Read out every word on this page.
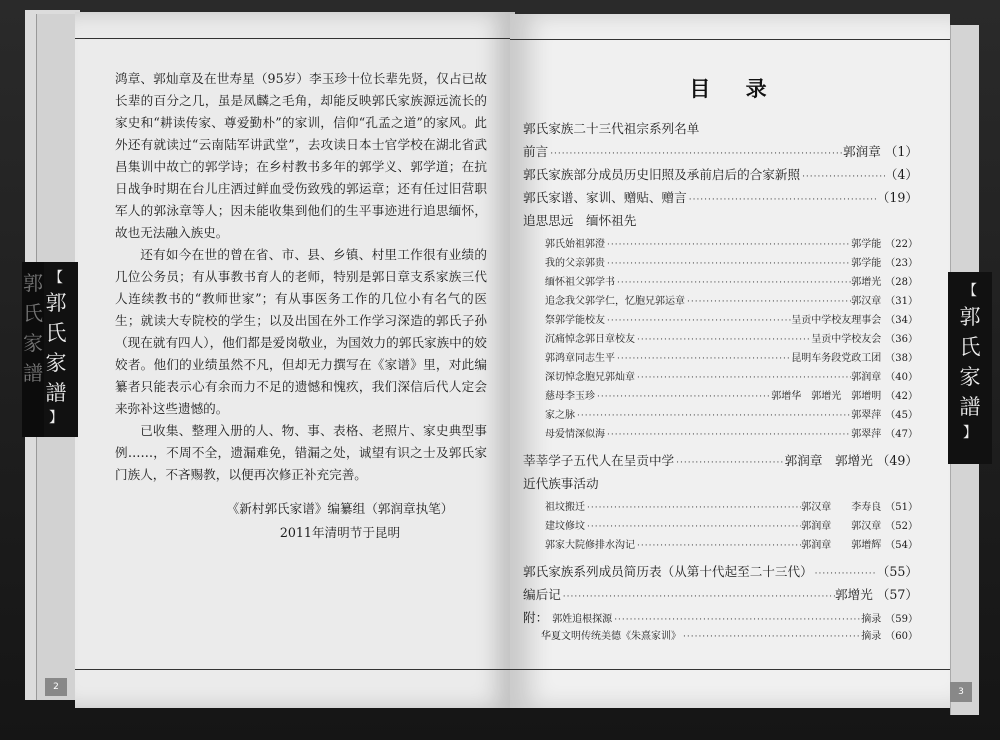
郭
氏
家
譜
【
郭
氏
家
譜
】
2

鸿章、郭灿章及在世寿星（95岁）李玉珍十位长辈先贤，仅占已故长辈的百分之几，虽是凤麟之毛角，却能反映郭氏家族源远流长的家史和“耕读传家、尊爱勤朴”的家训，信仰“孔孟之道”的家风。此外还有就读过“云南陆军讲武堂”，去攻读日本士官学校在湖北省武昌集训中故亡的郭学诗；在乡村教书多年的郭学义、郭学道；在抗日战争时期在台儿庄洒过鲜血受伤致残的郭运章；还有任过旧营职军人的郭泳章等人；因未能收集到他们的生平事迹进行追思缅怀，故也无法融入族史。

还有如今在世的曾在省、市、县、乡镇、村里工作很有业绩的几位公务员；有从事教书育人的老师，特别是郭日章支系家族三代人连续教书的“教师世家”；有从事医务工作的几位小有名气的医生；就读大专院校的学生；以及出国在外工作学习深造的郭氏子孙（现在就有四人），他们都是爱岗敬业，为国效力的郭氏家族中的姣姣者。他们的业绩虽然不凡，但却无力撰写在《家谱》里，对此编纂者只能表示心有余而力不足的遗憾和愧疚，我们深信后代人定会来弥补这些遗憾的。

已收集、整理入册的人、物、事、表格、老照片、家史典型事例……，不周不全，遗漏难免，错漏之处，诚望有识之士及郭氏家门族人，不吝赐教，以便再次修正补充完善。

《新村郭氏家谱》编纂组（郭润章执笔）
2011年清明节于昆明
【
郭
氏
家
譜
】
3
目 录
郭氏家族二十三代祖宗系列名单
前言 ·····	郭润章 （1）
郭氏家族部分成员历史旧照及承前启后的合家新照 ·····	（4）
郭氏家谱、家训、赠贴、赠言 ·····	（19）
追思思远　缅怀祖先
郭氏始祖郭澄 ·····	郭学能 （22）
我的父亲郭贵 ·····	郭学能 （23）
缅怀祖父郭学书 ·····	郭增光 （28）
追念我父郭学仁，忆胞兄郭运章 ·····	郭汉章 （31）
祭郭学能校友 ·····	呈贡中学校友理事会 （34）
沉痛悼念郭日章校友 ·····	呈贡中学校友会 （36）
郭鸿章同志生平 ·····	昆明车务段党政工团 （38）
深切悼念胞兄郭灿章 ·····	郭润章 （40）
慈母李玉珍 ·····	郭增华　郭增光　郭增明 （42）
家之脉 ·····	郭翠萍 （45）
母爱情深似海 ·····	郭翠萍 （47）
莘莘学子五代人在呈贡中学 ·····	郭润章　郭增光 （49）
近代族事活动
祖坟搬迁 ·····	郭汉章　　李寿良 （51）
建坟修坟 ·····	郭润章　　郭汉章 （52）
郭家大院修排水沟记 ·····	郭润章　　郭增辉 （54）
郭氏家族系列成员简历表（从第十代起至二十三代） ·····	（55）
编后记 ·····	郭增光 （57）
附： 郭姓追根探源 ·····	摘录 （59）
华夏文明传统美德《朱熹家训》 ·····	摘录 （60）
